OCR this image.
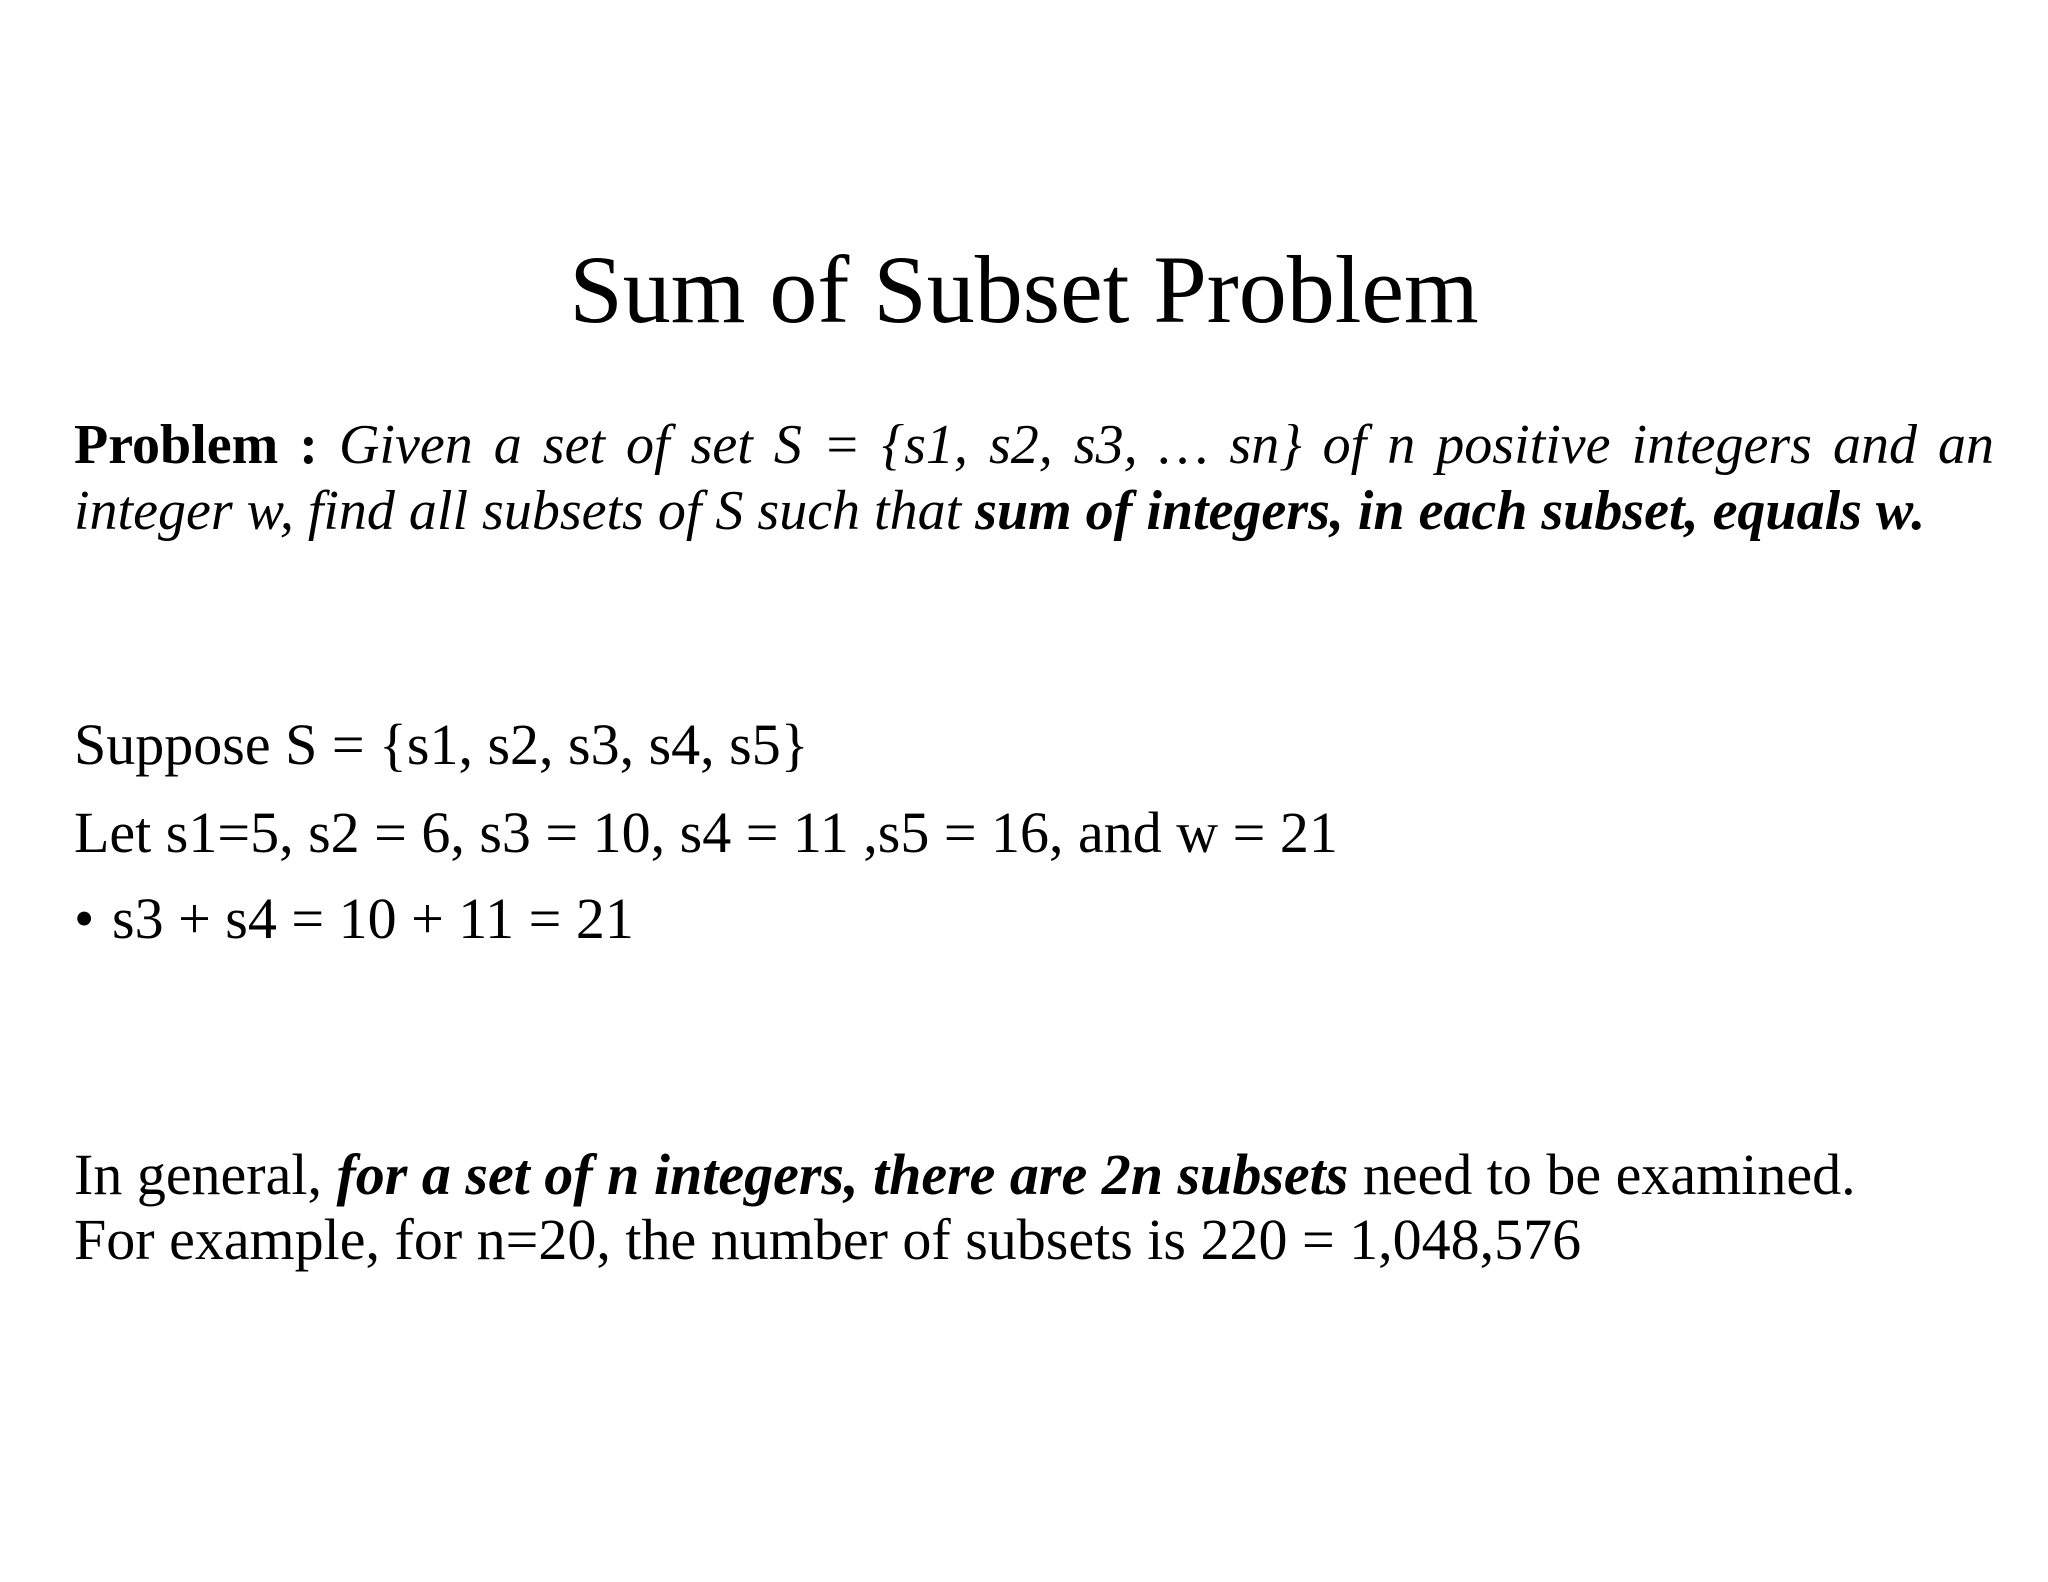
Sum of Subset Problem
Problem : Given a set of set S = {s1, s2, s3, … sn} of n positive integers and an integer w, find all subsets of S such that sum of integers, in each subset, equals w.
Suppose S = {s1, s2, s3, s4, s5}
Let s1=5, s2 = 6, s3 = 10, s4 = 11 ,s5 = 16, and w = 21
• s3 + s4 = 10 + 11 = 21
In general, for a set of n integers, there are 2n subsets need to be examined.
For example, for n=20, the number of subsets is 220 = 1,048,576
